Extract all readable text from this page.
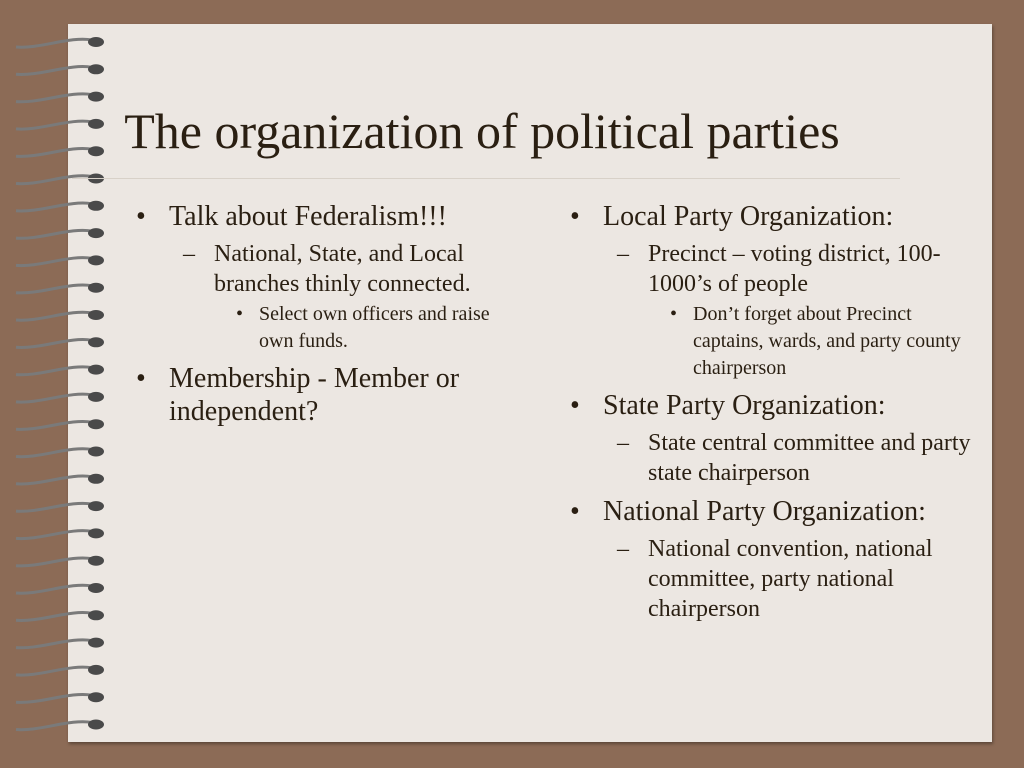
The organization of political parties
• Talk about Federalism!!!
– National, State, and Local branches thinly connected.
• Select own officers and raise own funds.
• Membership - Member or independent?
• Local Party Organization:
– Precinct – voting district, 100-1000’s of people
• Don’t forget about Precinct captains, wards, and party county chairperson
• State Party Organization:
– State central committee and party state chairperson
• National Party Organization:
– National convention, national committee, party national chairperson
